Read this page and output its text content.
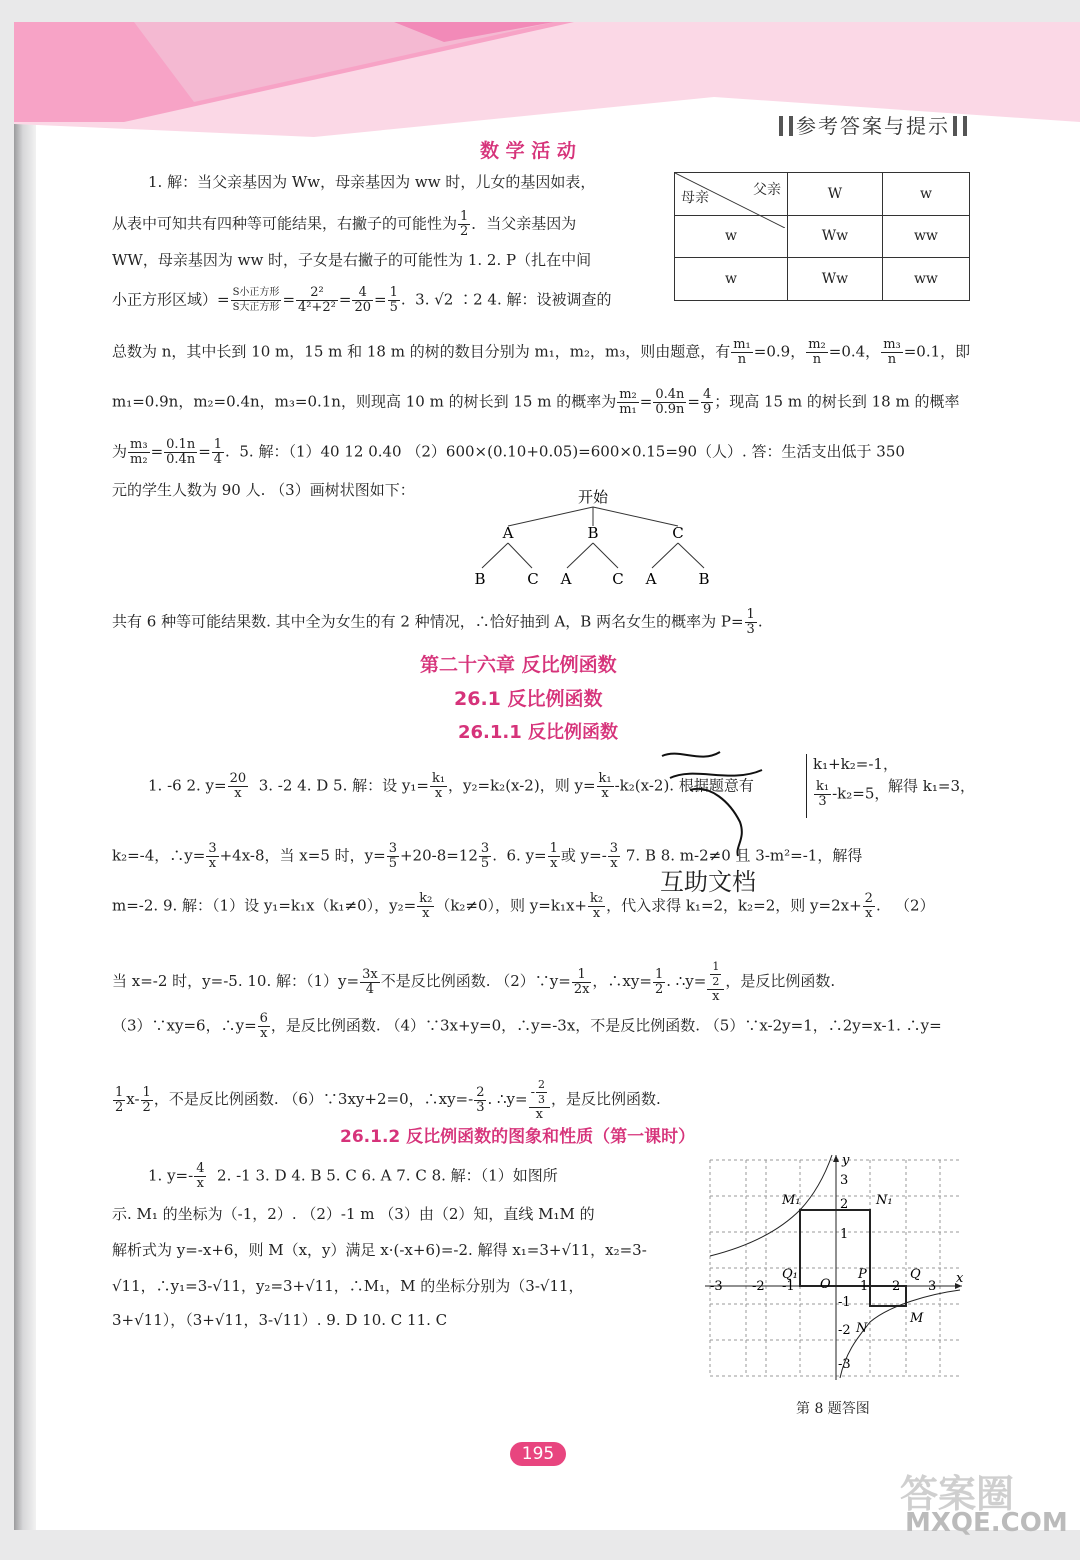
参考答案与提示
数 学 活 动
1. 解：当父亲基因为 Ww，母亲基因为 ww 时，儿女的基因如表，
从表中可知共有四种等可能结果，右撇子的可能性为 $\frac{1}{2}$ ．当父亲基因为
WW，母亲基因为 ww 时，子女是右撇子的可能性为 1. 2. P（扎在中间
小正方形区域）= $\frac{\text{S小正方形}}{\text{S大正方形}} = \frac{\text{2²}}{\text{4²+2²}} = \frac{4}{20} = \frac{1}{5}$ .  3. √2 ∶2 4. 解：设被调查的
父亲
母亲	W	w
w	Ww	ww
w	Ww	ww
总数为 n，其中长到 10 m，15 m 和 18 m 的树的数目分别为 m₁，m₂，m₃，则由题意，有 $\frac{\text{m₁}}{n} =0.9$， $\frac{\text{m₂}}{n} =0.4$， $\frac{\text{m₃}}{n} =0.1$，即
m₁=0.9n，m₂=0.4n，m₃=0.1n，则现高 10 m 的树长到 15 m 的概率为 $\frac{\text{m₂}}{\text{m₁}} = \frac{0.4n}{0.9n} = \frac{4}{9}$ ；现高 15 m 的树长到 18 m 的概率
为 $\frac{\text{m₃}}{\text{m₂}} = \frac{0.1n}{0.4n} = \frac{1}{4}$ .  5. 解：（1）40 12 0.40 （2）600×(0.10+0.05)=600×0.15=90（人）. 答：生活支出低于 350
元的学生人数为 90 人. （3）画树状图如下：	开始
A	B	C
B	C A	C A	B
共有 6 种等可能结果数. 其中全为女生的有 2 种情况，∴恰好抽到 A，B 两名女生的概率为 $P= \frac{1}{3}$ .
第二十六章 反比例函数
26.1 反比例函数
26.1.1 反比例函数
1. -6 2. $y= \frac{20}{x} 3$. -2 4. D 5. 解：设 $y_1= \frac{\text{k₁}}{x}$ ，y₂=k₂(x-2)，则 $y= \frac{\text{k₁}}{x} -k_2(x-2)$. 根据题意有
k₁+k₂=-1，
$\frac{\text{k₁}}{3} -k_2=5$，
解得 k₁=3，
k₂=-4，∴y= $\frac{3}{x} +4x-8$，当 x=5 时，$y= \frac{3}{5} +20-8=12 \frac{3}{5}$ .  6. $y= \frac{1}{x}$ 或 $y=- \frac{3}{x} 7$. B 8. m-2≠0 且 3-m²=-1，解得
m=-2. 9. 解：（1）设 y₁=k₁x（k₁≠0），$y_2= \frac{\text{k₂}}{x} (k_2\ne 0)$，则 $y=k_1x+ \frac{\text{k₂}}{x}$ ，代入求得 k₁=2，k₂=2，则 $y=2x+ \frac{2}{x}$ .   （2）
当 x=-2 时，y=-5. 10. 解：$(1)y= \frac{3x}{4}$ 不是反比例函数. （2）∵y= $\frac{1}{2x}$ ，∴xy= $\frac{1}{2}$ . ∴y= $\frac{\frac{1}{2}}{x}$ ，是反比例函数.
（3）∵xy=6，∴y= $\frac{6}{x}$ ，是反比例函数. （4）∵3x+y=0，∴y=-3x，不是反比例函数. （5）∵x-2y=1，∴2y=x-1. ∴y=
$\frac{1}{2} x- \frac{1}{2}$ ，不是反比例函数. （6）∵3xy+2=0，∴xy=- $\frac{2}{3}$ . ∴y= $\frac{- \frac{2}{3}}{x}$ ，是反比例函数.
26.1.2 反比例函数的图象和性质（第一课时）
1. $y=- \frac{4}{x} 2$. -1 3. D 4. B 5. C 6. A 7. C 8. 解：（1）如图所
示. M₁ 的坐标为（-1，2）. （2）-1 m （3）由（2）知，直线 M₁M 的
解析式为 y=-x+6，则 M（x，y）满足 x·(-x+6)=-2. 解得 x₁=3+√11，x₂=3-
√11，∴y₁=3-√11，y₂=3+√11，∴M₁，M 的坐标分别为（3-√11，
3+√11），（3+√11，3-√11）. 9. D 10. C 11. C
M₁	N₁
Q₁	P	Q
N
M
O	x
y
-3 -2 -1	1 2 3
3
2
1
-1
-2
-3
第 8 题答图
互助文档
195
答案圈
MXQE.COM
